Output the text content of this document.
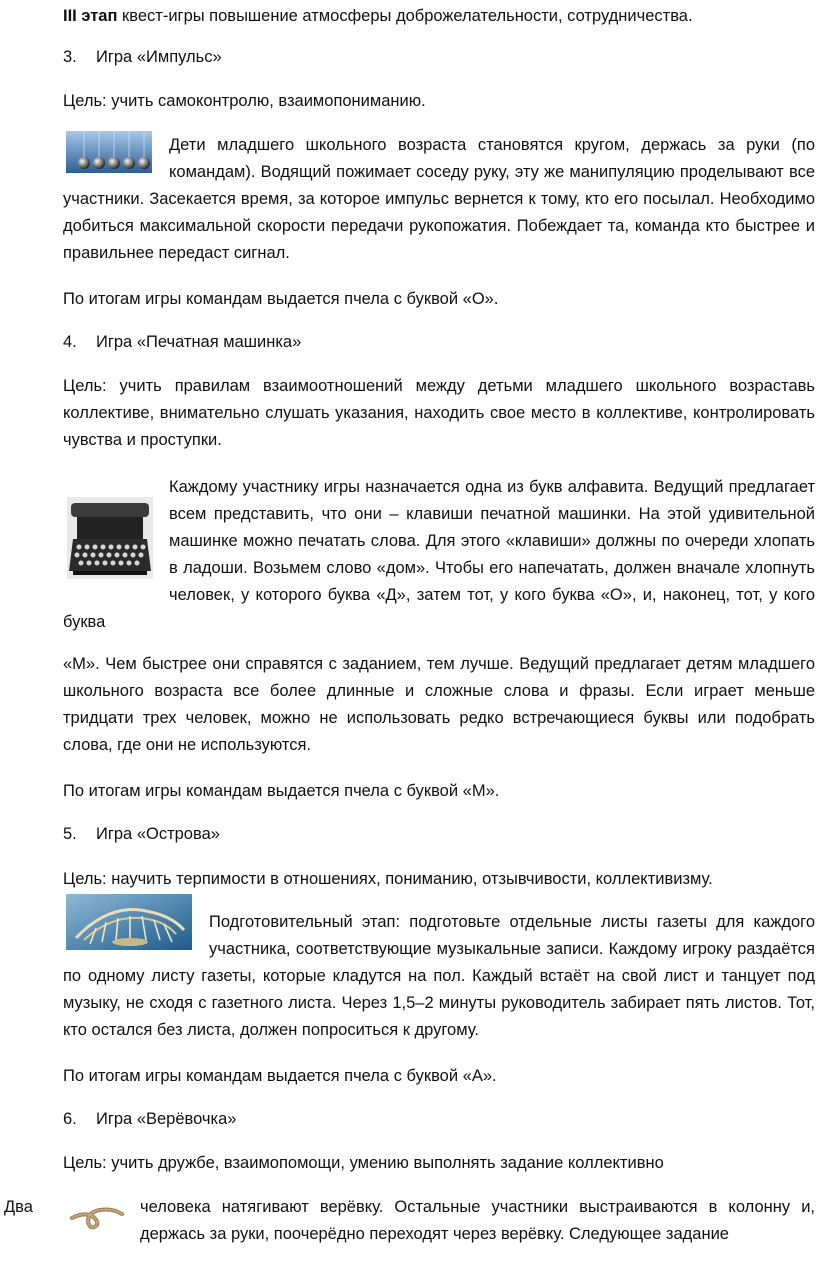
III этап квест-игры повышение атмосферы доброжелательности, сотрудничества.

3. Игра «Импульс»

Цель: учить самоконтролю, взаимопониманию.

Дети младшего школьного возраста становятся кругом, держась за руки (по командам). Водящий пожимает соседу руку, эту же манипуляцию проделывают все участники. Засекается время, за которое импульс вернется к тому, кто его посылал. Необходимо добиться максимальной скорости передачи рукопожатия. Побеждает та, команда кто быстрее и правильнее передаст сигнал.

По итогам игры командам выдается пчела с буквой «О».

4. Игра «Печатная машинка»

Цель: учить правилам взаимоотношений между детьми младшего школьного возраставь коллективе, внимательно слушать указания, находить свое место в коллективе, контролировать чувства и проступки.

Каждому участнику игры назначается одна из букв алфавита. Ведущий предлагает всем представить, что они – клавиши печатной машинки. На этой удивительной машинке можно печатать слова. Для этого «клавиши» должны по очереди хлопать в ладоши. Возьмем слово «дом». Чтобы его напечатать, должен вначале хлопнуть человек, у которого буква «Д», затем тот, у кого буква «О», и, наконец, тот, у кого буква

«М». Чем быстрее они справятся с заданием, тем лучше. Ведущий предлагает детям младшего школьного возраста все более длинные и сложные слова и фразы. Если играет меньше тридцати трех человек, можно не использовать редко встречающиеся буквы или подобрать слова, где они не используются.

По итогам игры командам выдается пчела с буквой «М».

5. Игра «Острова»

Цель: научить терпимости в отношениях, пониманию, отзывчивости, коллективизму.

Подготовительный этап: подготовьте отдельные листы газеты для каждого участника, соответствующие музыкальные записи. Каждому игроку раздаётся по одному листу газеты, которые кладутся на пол. Каждый встаёт на свой лист и танцует под музыку, не сходя с газетного листа. Через 1,5–2 минуты руководитель забирает пять листов. Тот, кто остался без листа, должен попроситься к другому.

По итогам игры командам выдается пчела с буквой «А».

6. Игра «Верёвочка»

Цель: учить дружбе, взаимопомощи, умению выполнять задание коллективно

Два	человека натягивают верёвку. Остальные участники выстраиваются в колонну и, держась за руки, поочерёдно переходят через верёвку. Следующее задание
